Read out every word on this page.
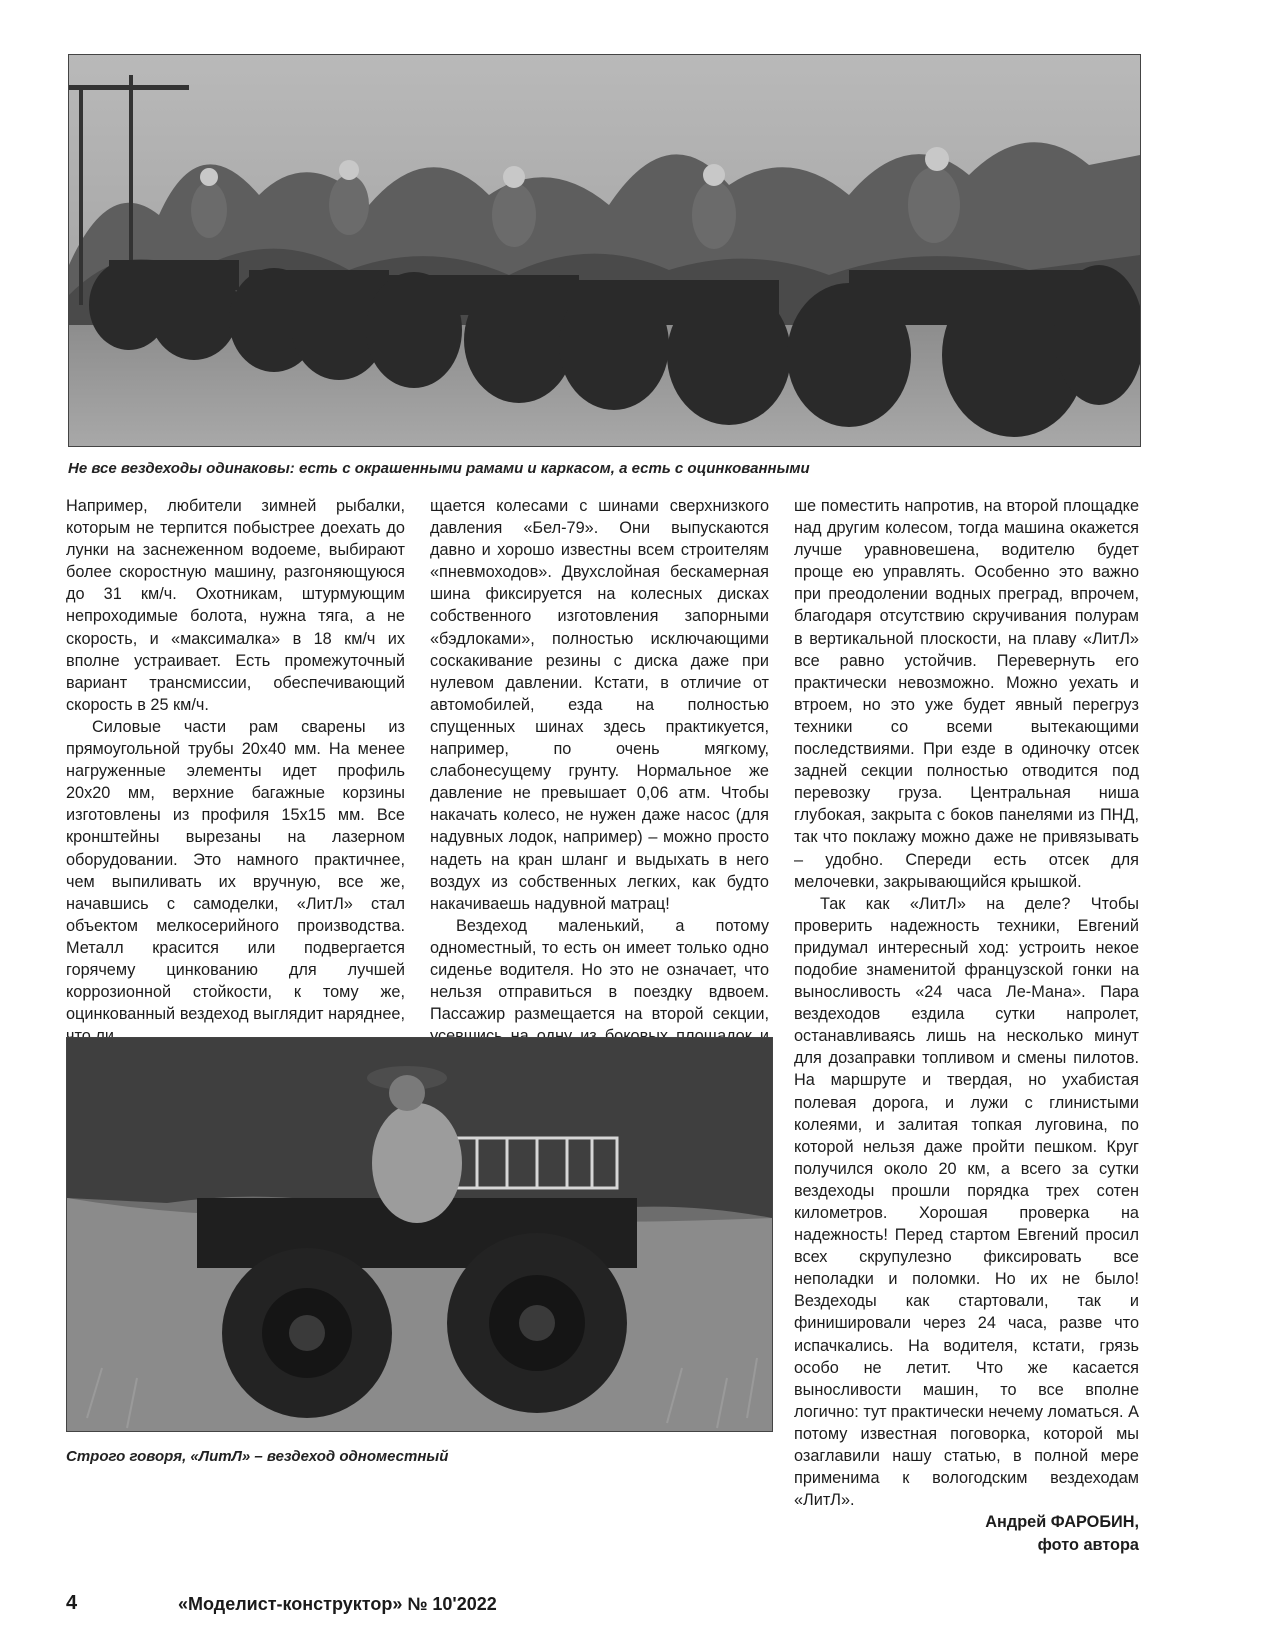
Не все вездеходы одинаковы: есть с окрашенными рамами и каркасом, а есть с оцинкованными

Например, любители зимней рыбалки, которым не терпится побыстрее доехать до лунки на заснеженном водоеме, выбирают более скоростную машину, разгоняющуюся до 31 км/ч. Охотникам, штурмующим непроходимые болота, нужна тяга, а не скорость, и «максималка» в 18 км/ч их вполне устраивает. Есть промежуточный вариант трансмиссии, обеспечивающий скорость в 25 км/ч.

Силовые части рам сварены из прямоугольной трубы 20х40 мм. На менее нагруженные элементы идет профиль 20х20 мм, верхние багажные корзины изготовлены из профиля 15х15 мм. Все кронштейны вырезаны на лазерном оборудовании. Это намного практичнее, чем выпиливать их вручную, все же, начавшись с самоделки, «ЛитЛ» стал объектом мелкосерийного производства. Металл красится или подвергается горячему цинкованию для лучшей коррозионной стойкости, к тому же, оцинкованный вездеход выглядит наряднее,

щается колесами с шинами сверхнизкого давления «Бел-79». Они выпускаются давно и хорошо известны всем строителям «пневмоходов». Двухслойная бескамерная шина фиксируется на колесных дисках собственного изготовления запорными «бэдлоками», полностью исключающими соскакивание резины с диска даже при нулевом давлении. Кстати, в отличие от автомобилей, езда на полностью спущенных шинах здесь практикуется, например, по очень мягкому, слабонесущему грунту. Нормальное же давление не превышает 0,06 атм. Чтобы накачать колесо, не нужен даже насос (для надувных лодок, например) – можно просто надеть на кран шланг и выдыхать в него воздух из собственных легких, как будто накачиваешь надувной матрац!

Вездеход маленький, а потому одноместный, то есть он имеет только одно сиденье водителя. Но это не означает, что нельзя отправиться в поездку вдвоем. Пассажир размещается на второй секции,

ше поместить напротив, на второй площадке над другим колесом, тогда машина окажется лучше уравновешена, водителю будет проще ею управлять. Особенно это важно при преодолении водных преград, впрочем, благодаря отсутствию скручивания полурам в вертикальной плоскости, на плаву «ЛитЛ» все равно устойчив. Перевернуть его практически невозможно. Можно уехать и втроем, но это уже будет явный перегруз техники со всеми вытекающими последствиями. При езде в одиночку отсек задней секции полностью отводится под перевозку груза. Центральная ниша глубокая, закрыта с боков панелями из ПНД, так что поклажу можно даже не привязывать – удобно. Спереди есть отсек для мелочевки, закрывающийся крышкой.

Так как «ЛитЛ» на деле? Чтобы проверить надежность техники, Евгений придумал интересный ход: устроить некое подобие знаменитой французской гонки на выносливость «24 часа Ле-Мана». Пара вездеходов ездила сутки напролет, останавливаясь лишь на несколько минут для дозаправки топливом и смены пилотов. На маршруте и твердая, но ухабистая полевая дорога, и лужи с глинистыми колеями, и залитая топкая луговина, по которой нельзя даже пройти пешком. Круг получился около 20 км, а всего за сутки вездеходы прошли порядка трех сотен километров. Хорошая проверка на надежность! Перед стартом Евгений просил всех скрупулезно фиксировать все неполадки и поломки. Но их не было! Вездеходы как стартовали, так и финишировали через 24 часа, разве что испачкались. На водителя, кстати, грязь особо не летит. Что же касается выносливости машин, то все вполне логично: тут практически нечему ломаться. А потому известная поговорка, которой мы озаглавили нашу статью, в полной мере применима к вологодским вездеходам «ЛитЛ».

Андрей ФАРОБИН,

фото автора

Строго говоря, «ЛитЛ» – вездеход одноместный
4	«Моделист-конструктор» № 10'2022
